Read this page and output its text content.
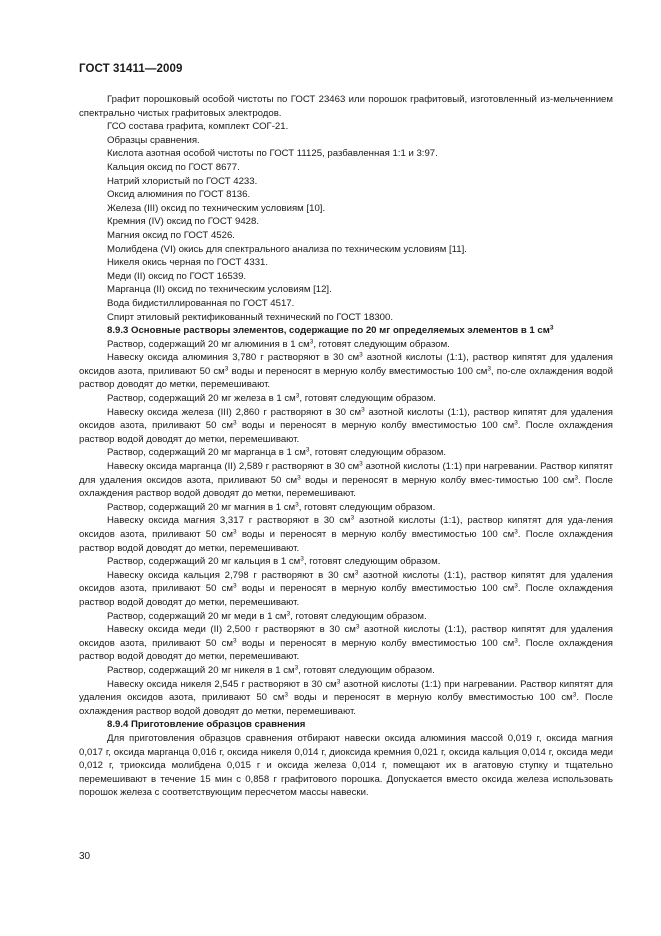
ГОСТ 31411—2009

Графит порошковый особой чистоты по ГОСТ 23463 или порошок графитовый, изготовленный из-мельченнием спектрально чистых графитовых электродов.

ГСО состава графита, комплект СОГ-21.

Образцы сравнения.

Кислота азотная особой чистоты по ГОСТ 11125, разбавленная 1:1 и 3:97.

Кальция оксид по ГОСТ 8677.

Натрий хлористый по ГОСТ 4233.

Оксид алюминия по ГОСТ 8136.

Железа (III) оксид по техническим условиям [10].

Кремния (IV) оксид по ГОСТ 9428.

Магния оксид по ГОСТ 4526.

Молибдена (VI) окись для спектрального анализа по техническим условиям [11].

Никеля окись черная по ГОСТ 4331.

Меди (II) оксид по ГОСТ 16539.

Марганца (II) оксид по техническим условиям [12].

Вода бидистиллированная по ГОСТ 4517.

Спирт этиловый ректификованный технический по ГОСТ 18300.

8.9.3 Основные растворы элементов, содержащие по 20 мг определяемых элементов в 1 $см^3$

Раствор, содержащий 20 мг алюминия в 1 $см^3$, готовят следующим образом.

Навеску оксида алюминия 3,780 г растворяют в 30 $см^3$ азотной кислоты (1:1), раствор кипятят для удаления оксидов азота, приливают 50 $см^3$ воды и переносят в мерную колбу вместимостью 100 $см^3$, по-сле охлаждения водой раствор доводят до метки, перемешивают.

Раствор, содержащий 20 мг железа в 1 $см^3$, готовят следующим образом.

Навеску оксида железа (III) 2,860 г растворяют в 30 $см^3$ азотной кислоты (1:1), раствор кипятят для удаления оксидов азота, приливают 50 $см^3$ воды и переносят в мерную колбу вместимостью 100 $см^3$. После охлаждения раствор водой доводят до метки, перемешивают.

Раствор, содержащий 20 мг марганца в 1 $см^3$, готовят следующим образом.

Навеску оксида марганца (II) 2,589 г растворяют в 30 $см^3$ азотной кислоты (1:1) при нагревании. Раствор кипятят для удаления оксидов азота, приливают 50 $см^3$ воды и переносят в мерную колбу вмес-тимостью 100 $см^3$. После охлаждения раствор водой доводят до метки, перемешивают.

Раствор, содержащий 20 мг магния в 1 $см^3$, готовят следующим образом.

Навеску оксида магния 3,317 г растворяют в 30 $см^3$ азотной кислоты (1:1), раствор кипятят для уда-ления оксидов азота, приливают 50 $см^3$ воды и переносят в мерную колбу вместимостью 100 $см^3$. После охлаждения раствор водой доводят до метки, перемешивают.

Раствор, содержащий 20 мг кальция в 1 $см^3$, готовят следующим образом.

Навеску оксида кальция 2,798 г растворяют в 30 $см^3$ азотной кислоты (1:1), раствор кипятят для удаления оксидов азота, приливают 50 $см^3$ воды и переносят в мерную колбу вместимостью 100 $см^3$. После охлаждения раствор водой доводят до метки, перемешивают.

Раствор, содержащий 20 мг меди в 1 $см^3$, готовят следующим образом.

Навеску оксида меди (II) 2,500 г растворяют в 30 $см^3$ азотной кислоты (1:1), раствор кипятят для удаления оксидов азота, приливают 50 $см^3$ воды и переносят в мерную колбу вместимостью 100 $см^3$. После охлаждения раствор водой доводят до метки, перемешивают.

Раствор, содержащий 20 мг никеля в 1 $см^3$, готовят следующим образом.

Навеску оксида никеля 2,545 г растворяют в 30 $см^3$ азотной кислоты (1:1) при нагревании. Раствор кипятят для удаления оксидов азота, приливают 50 $см^3$ воды и переносят в мерную колбу вместимостью 100 $см^3$. После охлаждения раствор водой доводят до метки, перемешивают.

8.9.4 Приготовление образцов сравнения

Для приготовления образцов сравнения отбирают навески оксида алюминия массой 0,019 г, оксида магния 0,017 г, оксида марганца 0,016 г, оксида никеля 0,014 г, диоксида кремния 0,021 г, оксида кальция 0,014 г, оксида меди 0,012 г, триоксида молибдена 0,015 г и оксида железа 0,014 г, помещают их в агатовую ступку и тщательно перемешивают в течение 15 мин с 0,858 г графитового порошка. Допускается вместо оксида железа использовать порошок железа с соответствующим пересчетом массы навески.

30
